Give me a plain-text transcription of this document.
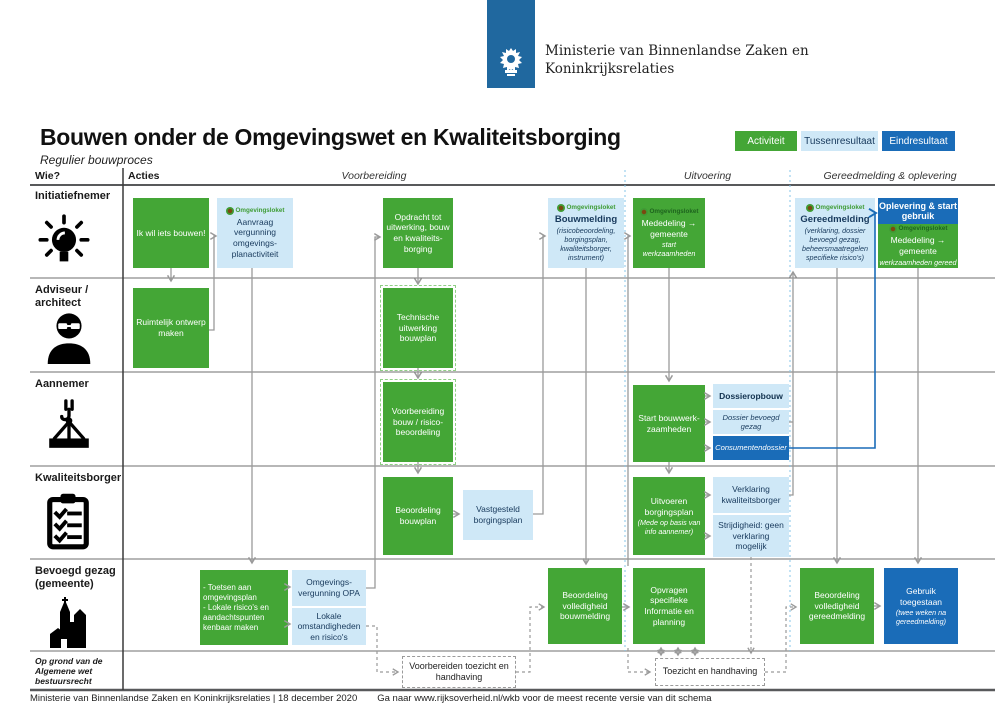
Ministerie van Binnenlandse Zaken en
Koninkrijksrelaties
Bouwen onder de Omgevingswet en Kwaliteitsborging
Regulier bouwproces
Activiteit	Tussenresultaat	Eindresultaat
Wie?	Acties	Voorbereiding	Uitvoering	Gereedmelding & oplevering
Initiatiefnemer
Adviseur / architect
Aannemer
Kwaliteitsborger
Bevoegd gezag (gemeente)
Op grond van de Algemene wet bestuursrecht
Ik wil iets bouwen!
Omgevingsloket
Aanvraag vergunning omgevings-planactiviteit
Opdracht tot uitwerking, bouw en kwaliteits-borging
Omgevingsloket
Bouwmelding
(risicobeoordeling, borgingsplan, kwaliteitsborger, instrument)
Omgevingsloket
Mededeling → gemeente
start werkzaamheden
Omgevingsloket
Gereedmelding
(verklaring, dossier bevoegd gezag, beheersmaatregelen specifieke risico's)
Oplevering & start gebruik
Omgevingsloket
Mededeling → gemeente
werkzaamheden gereed
Ruimtelijk ontwerp maken
Technische uitwerking bouwplan
Voorbereiding bouw / risico-beoordeling
Start bouwwerk-zaamheden
Dossieropbouw
Dossier bevoegd gezag
Consumentendossier
Beoordeling bouwplan
Vastgesteld borgingsplan
Uitvoeren borgingsplan
(Mede op basis van info aannemer)
Verklaring kwaliteitsborger
Strijdigheid: geen verklaring mogelijk
- Toetsen aan omgevingsplan
- Lokale risico's en aandachtspunten kenbaar maken
Omgevings-vergunning OPA
Lokale omstandigheden en risico's
Beoordeling volledigheid bouwmelding
Opvragen specifieke Informatie en planning
Beoordeling volledigheid gereedmelding
Gebruik toegestaan
(twee weken na gereedmelding)
Voorbereiden toezicht en handhaving
Toezicht en handhaving
Ministerie van Binnenlandse Zaken en Koninkrijksrelaties | 18 december 2020 Ga naar www.rijksoverheid.nl/wkb voor de meest recente versie van dit schema
